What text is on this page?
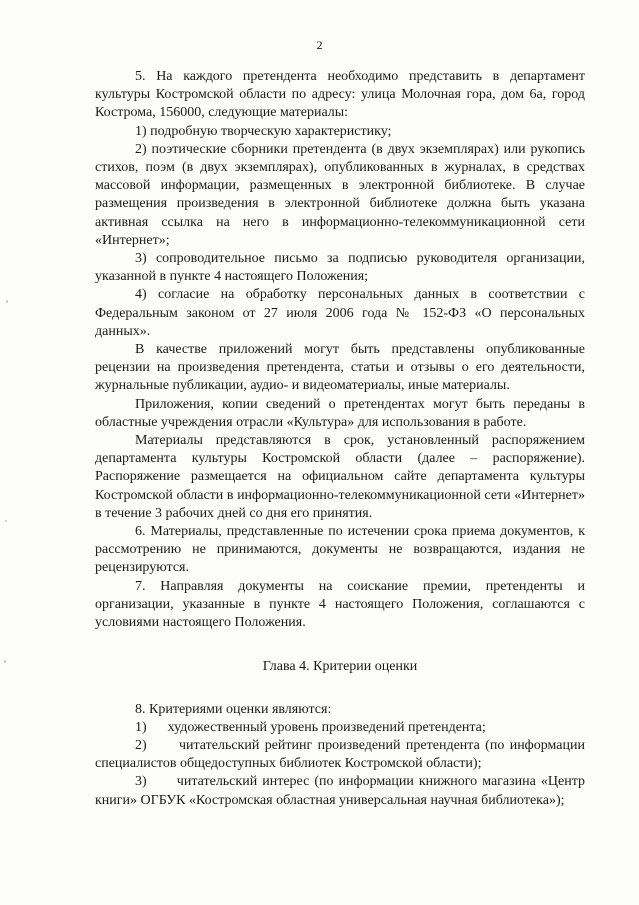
2

5. На каждого претендента необходимо представить в департамент культуры Костромской области по адресу: улица Молочная гора, дом 6а, город Кострома, 156000, следующие материалы:

1) подробную творческую характеристику;

2) поэтические сборники претендента (в двух экземплярах) или рукопись стихов, поэм (в двух экземплярах), опубликованных в журналах, в средствах массовой информации, размещенных в электронной библиотеке. В случае размещения произведения в электронной библиотеке должна быть указана активная ссылка на него в информационно-телекоммуникационной сети «Интернет»;

3) сопроводительное письмо за подписью руководителя организации, указанной в пункте 4 настоящего Положения;

4) согласие на обработку персональных данных в соответствии с Федеральным законом от 27 июля 2006 года № 152-ФЗ «О персональных данных».

В качестве приложений могут быть представлены опубликованные рецензии на произведения претендента, статьи и отзывы о его деятельности, журнальные публикации, аудио- и видеоматериалы, иные материалы.

Приложения, копии сведений о претендентах могут быть переданы в областные учреждения отрасли «Культура» для использования в работе.

Материалы представляются в срок, установленный распоряжением департамента культуры Костромской области (далее – распоряжение). Распоряжение размещается на официальном сайте департамента культуры Костромской области в информационно-телекоммуникационной сети «Интернет» в течение 3 рабочих дней со дня его принятия.

6. Материалы, представленные по истечении срока приема документов, к рассмотрению не принимаются, документы не возвращаются, издания не рецензируются.

7. Направляя документы на соискание премии, претенденты и организации, указанные в пункте 4 настоящего Положения, соглашаются с условиями настоящего Положения.

Глава 4. Критерии оценки

8. Критериями оценки являются:

1)      художественный уровень произведений претендента;

2)      читательский рейтинг произведений претендента (по информации специалистов общедоступных библиотек Костромской области);

3)      читательский интерес (по информации книжного магазина «Центр книги» ОГБУК «Костромская областная универсальная научная библиотека»);
